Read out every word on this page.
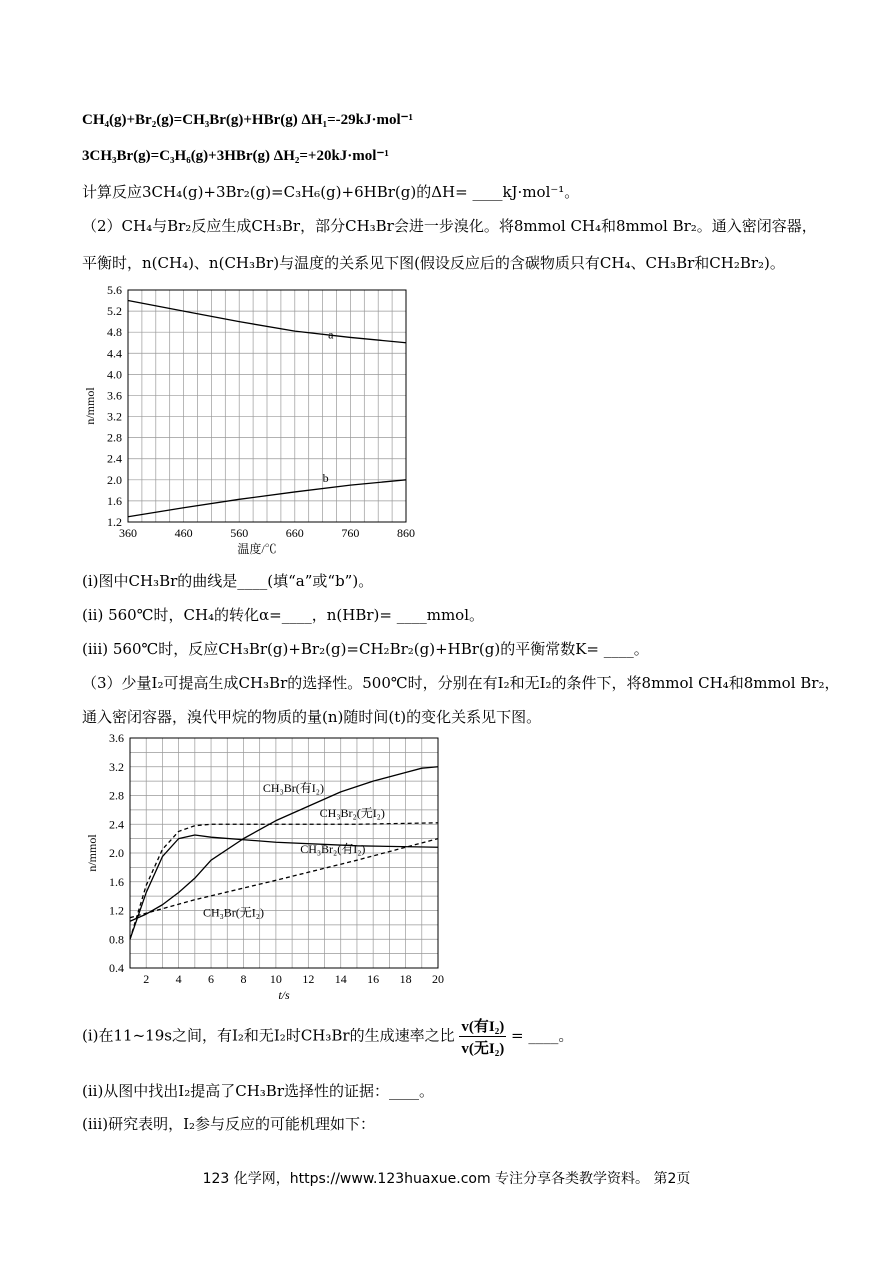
CH₄(g)+Br₂(g)=CH₃Br(g)+HBr(g) ΔH₁=-29kJ·mol⁻¹
3CH₃Br(g)=C₃H₆(g)+3HBr(g) ΔH₂=+20kJ·mol⁻¹
计算反应3CH₄(g)+3Br₂(g)=C₃H₆(g)+6HBr(g)的ΔH= ____kJ·mol⁻¹。
（2）CH₄与Br₂反应生成CH₃Br，部分CH₃Br会进一步溴化。将8mmol CH₄和8mmol Br₂。通入密闭容器，
平衡时，n(CH₄)、n(CH₃Br)与温度的关系见下图(假设反应后的含碳物质只有CH₄、CH₃Br和CH₂Br₂)。
1.2
1.6
2.0
2.4
2.8
3.2
3.6
4.0
4.4
4.8
5.2
5.6
360	460	560	660	760	860
温度/℃
n/mmol
a
b
(i)图中CH₃Br的曲线是____(填“a”或“b”)。
(ii) 560℃时，CH₄的转化α=____，n(HBr)= ____mmol。
(iii) 560℃时，反应CH₃Br(g)+Br₂(g)=CH₂Br₂(g)+HBr(g)的平衡常数K= ____。
（3）少量I₂可提高生成CH₃Br的选择性。500℃时，分别在有I₂和无I₂的条件下，将8mmol CH₄和8mmol Br₂，
通入密闭容器，溴代甲烷的物质的量(n)随时间(t)的变化关系见下图。
0.4
0.8
1.2
1.6
2.0
2.4
2.8
3.2
3.6
2 4 6 8 10 12 14 16 18 20
t/s
n/mmol
CH₃Br(有I₂)
CH₃Br₂(无I₂)
CH₃Br₂(有I₂)
CH₃Br(无I₂)
(i)在11~19s之间，有I₂和无I₂时CH₃Br的生成速率之比 $\frac{\text{v(有I₂)}}{\text{v(无I₂)}}$ = ____。
(ii)从图中找出I₂提高了CH₃Br选择性的证据：____。
(iii)研究表明，I₂参与反应的可能机理如下：
123 化学网，https://www.123huaxue.com 专注分享各类教学资料。 第2页
